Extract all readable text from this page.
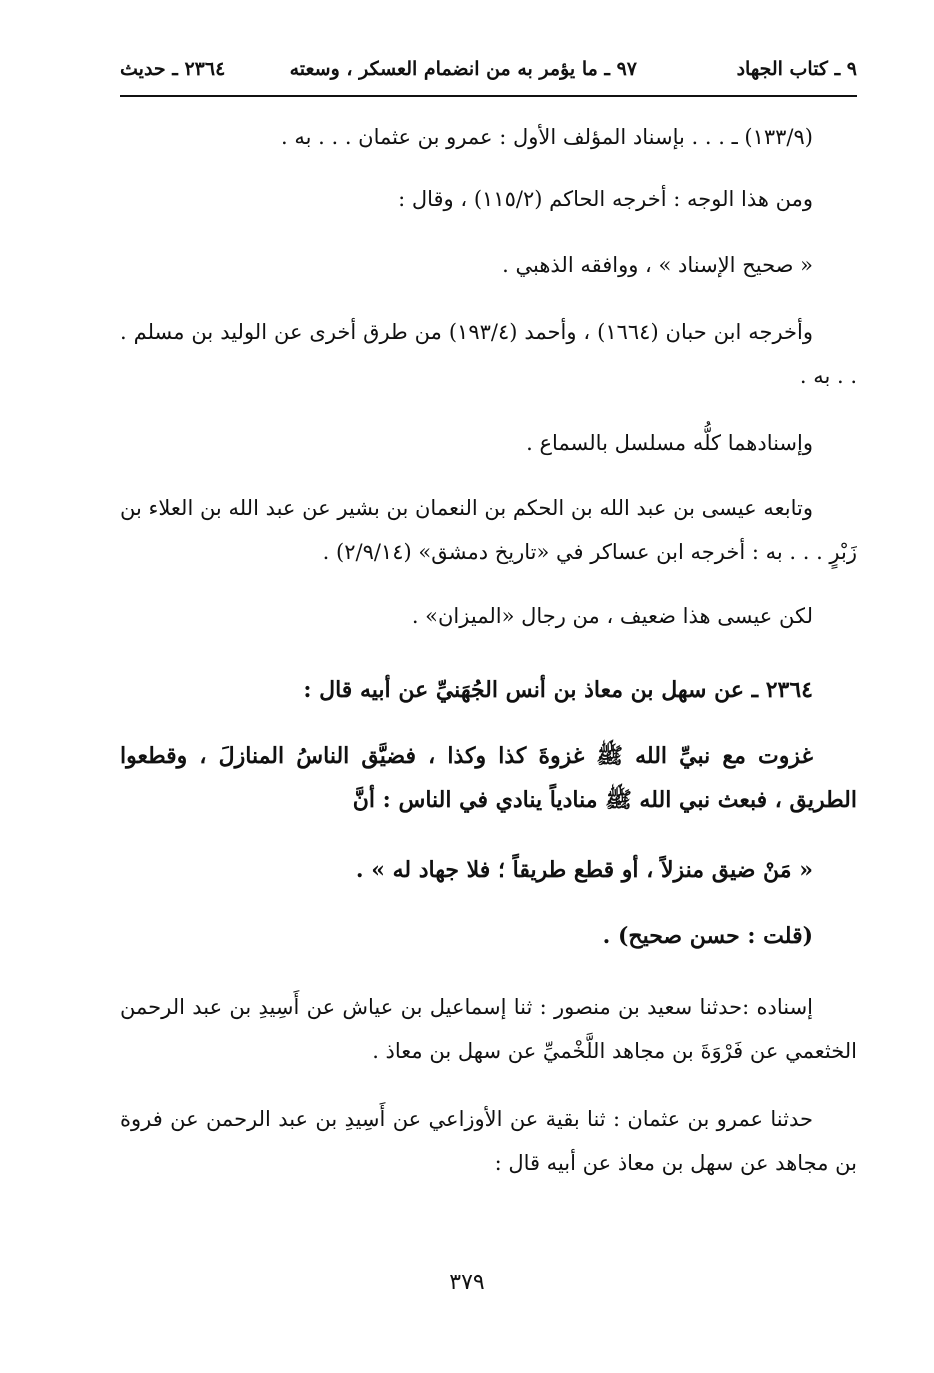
٩ ـ كتاب الجهاد
٩٧ ـ ما يؤمر به من انضمام العسكر ، وسعته
٢٣٦٤ ـ حديث
(١٣٣/٩) ـ . . . بإسناد المؤلف الأول : عمرو بن عثمان . . . به .
ومن هذا الوجه : أخرجه الحاكم (١١٥/٢) ، وقال :
« صحيح الإسناد » ، ووافقه الذهبي .
وأخرجه ابن حبان (١٦٦٤) ، وأحمد (١٩٣/٤) من طرق أخرى عن الوليد بن مسلم . . . به .
وإسنادهما كلُّه مسلسل بالسماع .
وتابعه عيسى بن عبد الله بن الحكم بن النعمان بن بشير عن عبد الله بن العلاء بن زَبْرٍ . . . به : أخرجه ابن عساكر في «تاريخ دمشق» (٢/٩/١٤) .
لكن عيسى هذا ضعيف ، من رجال «الميزان» .
٢٣٦٤ ـ عن سهل بن معاذ بن أنس الجُهَنيِّ عن أبيه قال :
غزوت مع نبيِّ الله ﷺ غزوةَ كذا وكذا ، فضيَّق الناسُ المنازلَ ، وقطعوا الطريق ، فبعث نبي الله ﷺ منادياً ينادي في الناس : أنَّ
« مَنْ ضيق منزلاً ، أو قطع طريقاً ؛ فلا جهاد له » .
(قلت : حسن صحيح) .
إسناده :حدثنا سعيد بن منصور : ثنا إسماعيل بن عياش عن أَسِيدِ بن عبد الرحمن الخثعمي عن فَرْوَةَ بن مجاهد اللَّخْميِّ عن سهل بن معاذ .
حدثنا عمرو بن عثمان : ثنا بقية عن الأوزاعي عن أَسِيدِ بن عبد الرحمن عن فروة بن مجاهد عن سهل بن معاذ عن أبيه قال :
٣٧٩
